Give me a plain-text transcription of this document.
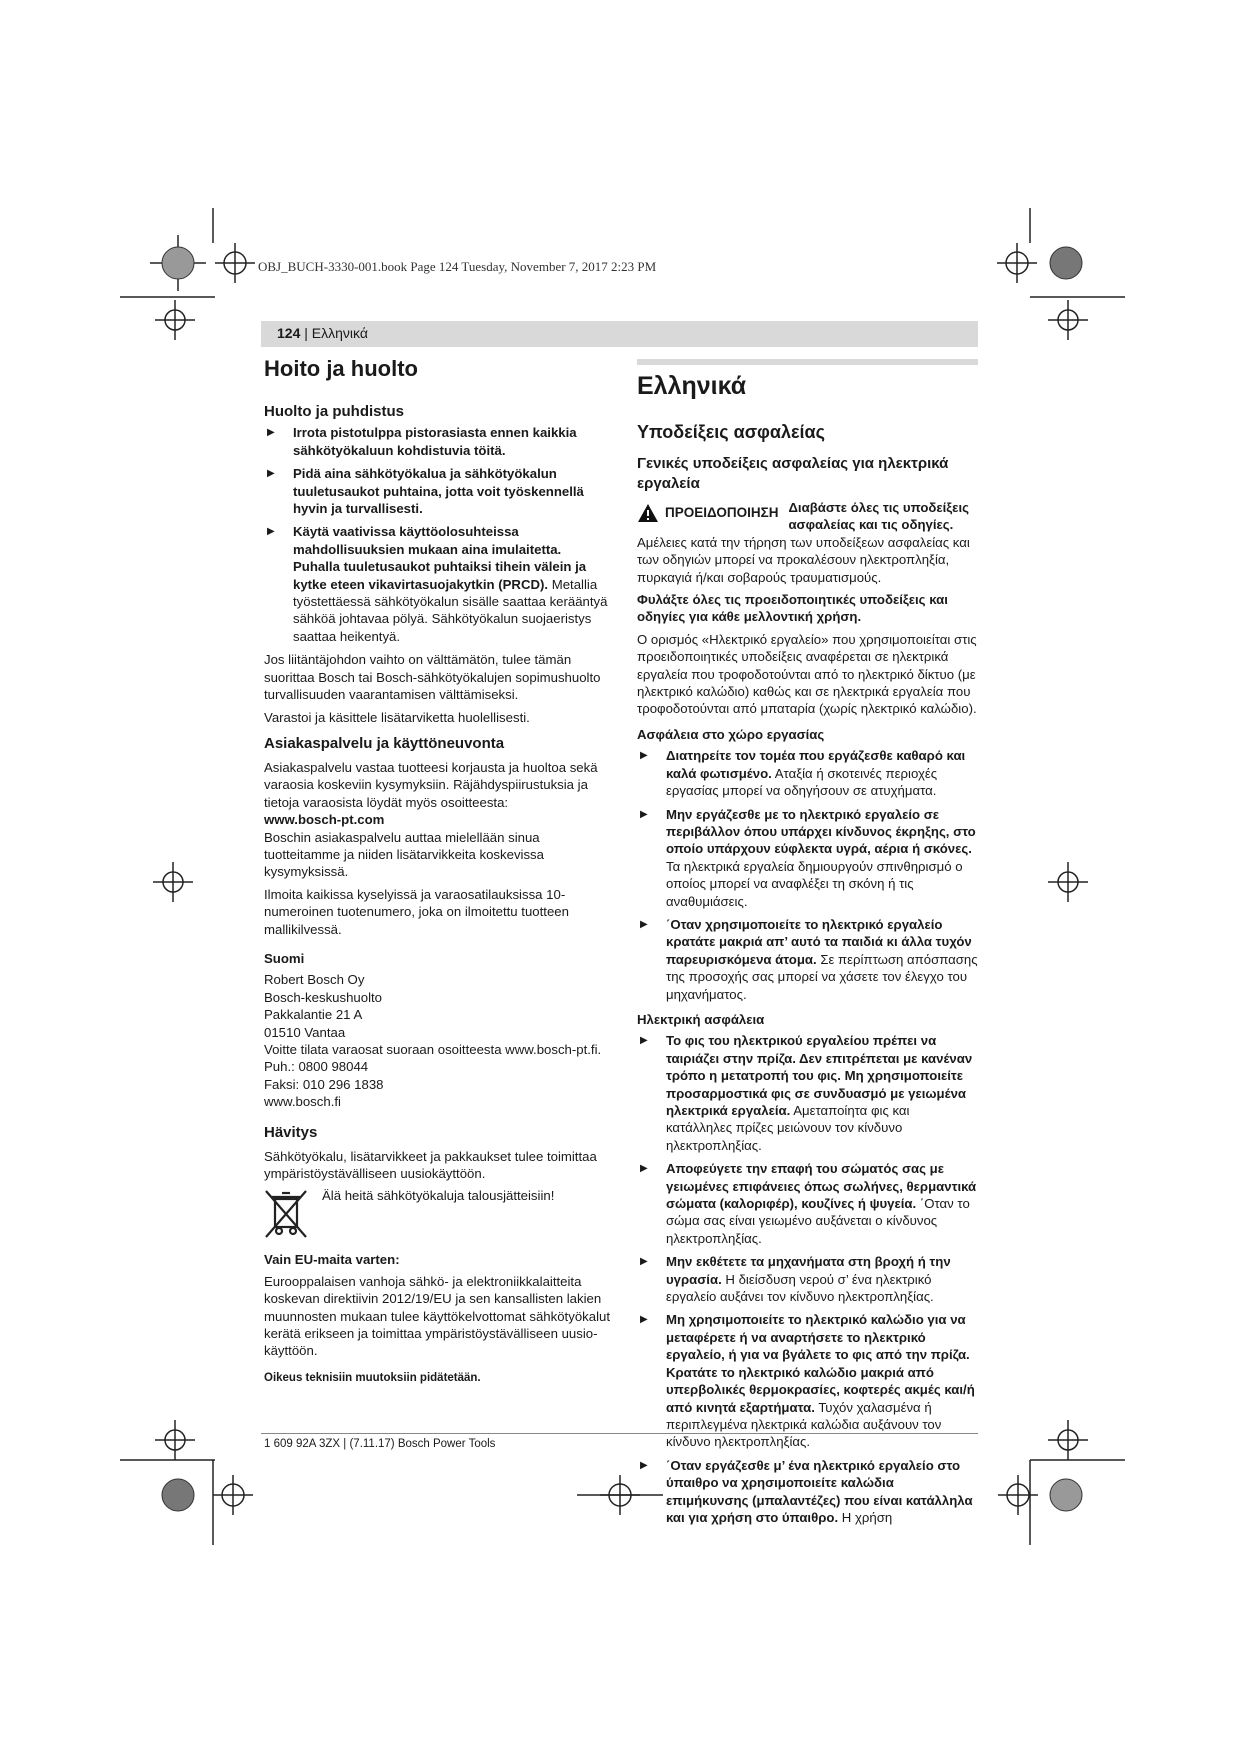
OBJ_BUCH-3330-001.book Page 124 Tuesday, November 7, 2017 2:23 PM
124 | Ελληνικά
Hoito ja huolto
Huolto ja puhdistus
▶ Irrota pistotulppa pistorasiasta ennen kaikkia sähkötyökaluun kohdistuvia töitä.
▶ Pidä aina sähkötyökalua ja sähkötyökalun tuuletusaukot puhtaina, jotta voit työskennellä hyvin ja turvallisesti.
▶ Käytä vaativissa käyttöolosuhteissa mahdollisuuksien mukaan aina imulaitetta. Puhalla tuuletusaukot puhtaiksi tihein välein ja kytke eteen vikavirtasuojakytkin (PRCD). Metallia työstettäessä sähkötyökalun sisälle saattaa kerääntyä sähköä johtavaa pölyä. Sähkötyökalun suojaeristys saattaa heikentyä.

Jos liitäntäjohdon vaihto on välttämätön, tulee tämän suorittaa Bosch tai Bosch-sähkötyökalujen sopimushuolto turvallisuuden vaarantamisen välttämiseksi.

Varastoi ja käsittele lisätarviketta huolellisesti.

Asiakaspalvelu ja käyttöneuvonta

Asiakaspalvelu vastaa tuotteesi korjausta ja huoltoa sekä varaosia koskeviin kysymyksiin. Räjähdyspiirustuksia ja tietoja varaosista löydät myös osoitteesta:

www.bosch-pt.com

Boschin asiakaspalvelu auttaa mielellään sinua tuotteitamme ja niiden lisätarvikkeita koskevissa kysymyksissä.

Ilmoita kaikissa kyselyissä ja varaosatilauksissa 10-numeroinen tuotenumero, joka on ilmoitettu tuotteen mallikilvessä.

Suomi

Robert Bosch Oy

Bosch-keskushuolto

Pakkalantie 21 A

01510 Vantaa

Voitte tilata varaosat suoraan osoitteesta www.bosch-pt.fi.

Puh.: 0800 98044

Faksi: 010 296 1838

www.bosch.fi

Hävitys

Sähkötyökalu, lisätarvikkeet ja pakkaukset tulee toimittaa ympäristöystävälliseen uusiokäyttöön.

Älä heitä sähkötyökaluja talousjätteisiin!
Vain EU-maita varten:

Eurooppalaisen vanhoja sähkö- ja elektroniikkalaitteita koskevan direktiivin 2012/19/EU ja sen kansallisten lakien muunnosten mukaan tulee käyttökelvottomat sähkötyökalut kerätä erikseen ja toimittaa ympäristöystävälliseen uusiokäyttöön.

Oikeus teknisiin muutoksiin pidätetään.

Ελληνικά
Υποδείξεις ασφαλείας
Γενικές υποδείξεις ασφαλείας για ηλεκτρικά εργαλεία
ΠΡΟΕΙΔΟΠΟΙΗΣΗ Διαβάστε όλες τις υποδείξεις ασφαλείας και τις οδηγίες. Αμέλειες κατά την τήρηση των υποδείξεων ασφαλείας και των οδηγιών μπορεί να προκαλέσουν ηλεκτροπληξία, πυρκαγιά ή/και σοβαρούς τραυματισμούς.

Φυλάξτε όλες τις προειδοποιητικές υποδείξεις και οδηγίες για κάθε μελλοντική χρήση.

Ο ορισμός «Ηλεκτρικό εργαλείο» που χρησιμοποιείται στις προειδοποιητικές υποδείξεις αναφέρεται σε ηλεκτρικά εργαλεία που τροφοδοτούνται από το ηλεκτρικό δίκτυο (με ηλεκτρικό καλώδιο) καθώς και σε ηλεκτρικά εργαλεία που τροφοδοτούνται από μπαταρία (χωρίς ηλεκτρικό καλώδιο).

Ασφάλεια στο χώρο εργασίας
▶ Διατηρείτε τον τομέα που εργάζεσθε καθαρό και καλά φωτισμένο. Αταξία ή σκοτεινές περιοχές εργασίας μπορεί να οδηγήσουν σε ατυχήματα.
▶ Μην εργάζεσθε με το ηλεκτρικό εργαλείο σε περιβάλλον όπου υπάρχει κίνδυνος έκρηξης, στο οποίο υπάρχουν εύφλεκτα υγρά, αέρια ή σκόνες. Τα ηλεκτρικά εργαλεία δημιουργούν σπινθηρισμό ο οποίος μπορεί να αναφλέξει τη σκόνη ή τις αναθυμιάσεις.
▶ ΄Οταν χρησιμοποιείτε το ηλεκτρικό εργαλείο κρατάτε μακριά απ’ αυτό τα παιδιά κι άλλα τυχόν παρευρισκόμενα άτομα. Σε περίπτωση απόσπασης της προσοχής σας μπορεί να χάσετε τον έλεγχο του μηχανήματος.
Ηλεκτρική ασφάλεια
▶ Το φις του ηλεκτρικού εργαλείου πρέπει να ταιριάζει στην πρίζα. Δεν επιτρέπεται με κανέναν τρόπο η μετατροπή του φις. Μη χρησιμοποιείτε προσαρμοστικά φις σε συνδυασμό με γειωμένα ηλεκτρικά εργαλεία. Αμεταποίητα φις και κατάλληλες πρίζες μειώνουν τον κίνδυνο ηλεκτροπληξίας.
▶ Αποφεύγετε την επαφή του σώματός σας με γειωμένες επιφάνειες όπως σωλήνες, θερμαντικά σώματα (καλοριφέρ), κουζίνες ή ψυγεία. ΄Οταν το σώμα σας είναι γειωμένο αυξάνεται ο κίνδυνος ηλεκτροπληξίας.
▶ Μην εκθέτετε τα μηχανήματα στη βροχή ή την υγρασία. Η διείσδυση νερού σ’ ένα ηλεκτρικό εργαλείο αυξάνει τον κίνδυνο ηλεκτροπληξίας.
▶ Μη χρησιμοποιείτε το ηλεκτρικό καλώδιο για να μεταφέρετε ή να αναρτήσετε το ηλεκτρικό εργαλείο, ή για να βγάλετε το φις από την πρίζα. Κρατάτε το ηλεκτρικό καλώδιο μακριά από υπερβολικές θερμοκρασίες, κοφτερές ακμές και/ή από κινητά εξαρτήματα. Τυχόν χαλασμένα ή περιπλεγμένα ηλεκτρικά καλώδια αυξάνουν τον κίνδυνο ηλεκτροπληξίας.
▶ ΄Οταν εργάζεσθε μ’ ένα ηλεκτρικό εργαλείο στο ύπαιθρο να χρησιμοποιείτε καλώδια επιμήκυνσης (μπαλαντέζες) που είναι κατάλληλα και για χρήση στο ύπαιθρο. Η χρήση
1 609 92A 3ZX | (7.11.17) Bosch Power Tools
